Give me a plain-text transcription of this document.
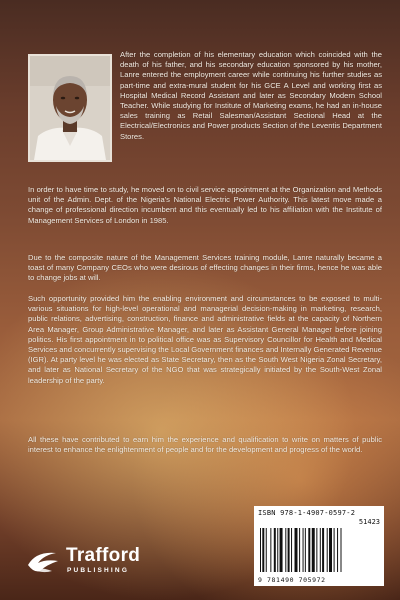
After the completion of his elementary education which coincided with the death of his father, and his secondary education sponsored by his mother, Lanre entered the employment career while continuing his further studies as part-time and extra-mural student for his GCE A Level and working first as Hospital Medical Record Assistant and later as Secondary Modern School Teacher. While studying for Institute of Marketing exams, he had an in-house sales training as Retail Salesman/Assistant Sectional Head at the Electrical/Electronics and Power products Section of the Leventis Department Stores.
In order to have time to study, he moved on to civil service appointment at the Organization and Methods unit of the Admin. Dept. of the Nigeria's National Electric Power Authority. This latest move made a change of professional direction incumbent and this eventually led to his affiliation with the Institute of Management Services of London in 1985.
Due to the composite nature of the Management Services training module, Lanre naturally became a toast of many Company CEOs who were desirous of effecting changes in their firms, hence he was able to change jobs at will.
Such opportunity provided him the enabling environment and circumstances to be exposed to multi-various situations for high-level operational and managerial decision-making in marketing, research, public relations, advertising, construction, finance and administrative fields at the capacity of Northern Area Manager, Group Administrative Manager, and later as Assistant General Manager before joining politics. His first appointment in to political office was as Supervisory Councillor for Health and Medical Services and concurrently supervising the Local Government finances and Internally Generated Revenue (IGR). At party level he was elected as State Secretary, then as the South West Nigeria Zonal Secretary, and later as National Secretary of the NGO that was strategically initiated by the South-West Zonal leadership of the party.
All these have contributed to earn him the experience and qualification to write on matters of public interest to enhance the enlightenment of people and for the development and progress of the world.
ISBN 978-1-4907-0597-2
51423
9 781490 705972
Trafford
PUBLISHING
